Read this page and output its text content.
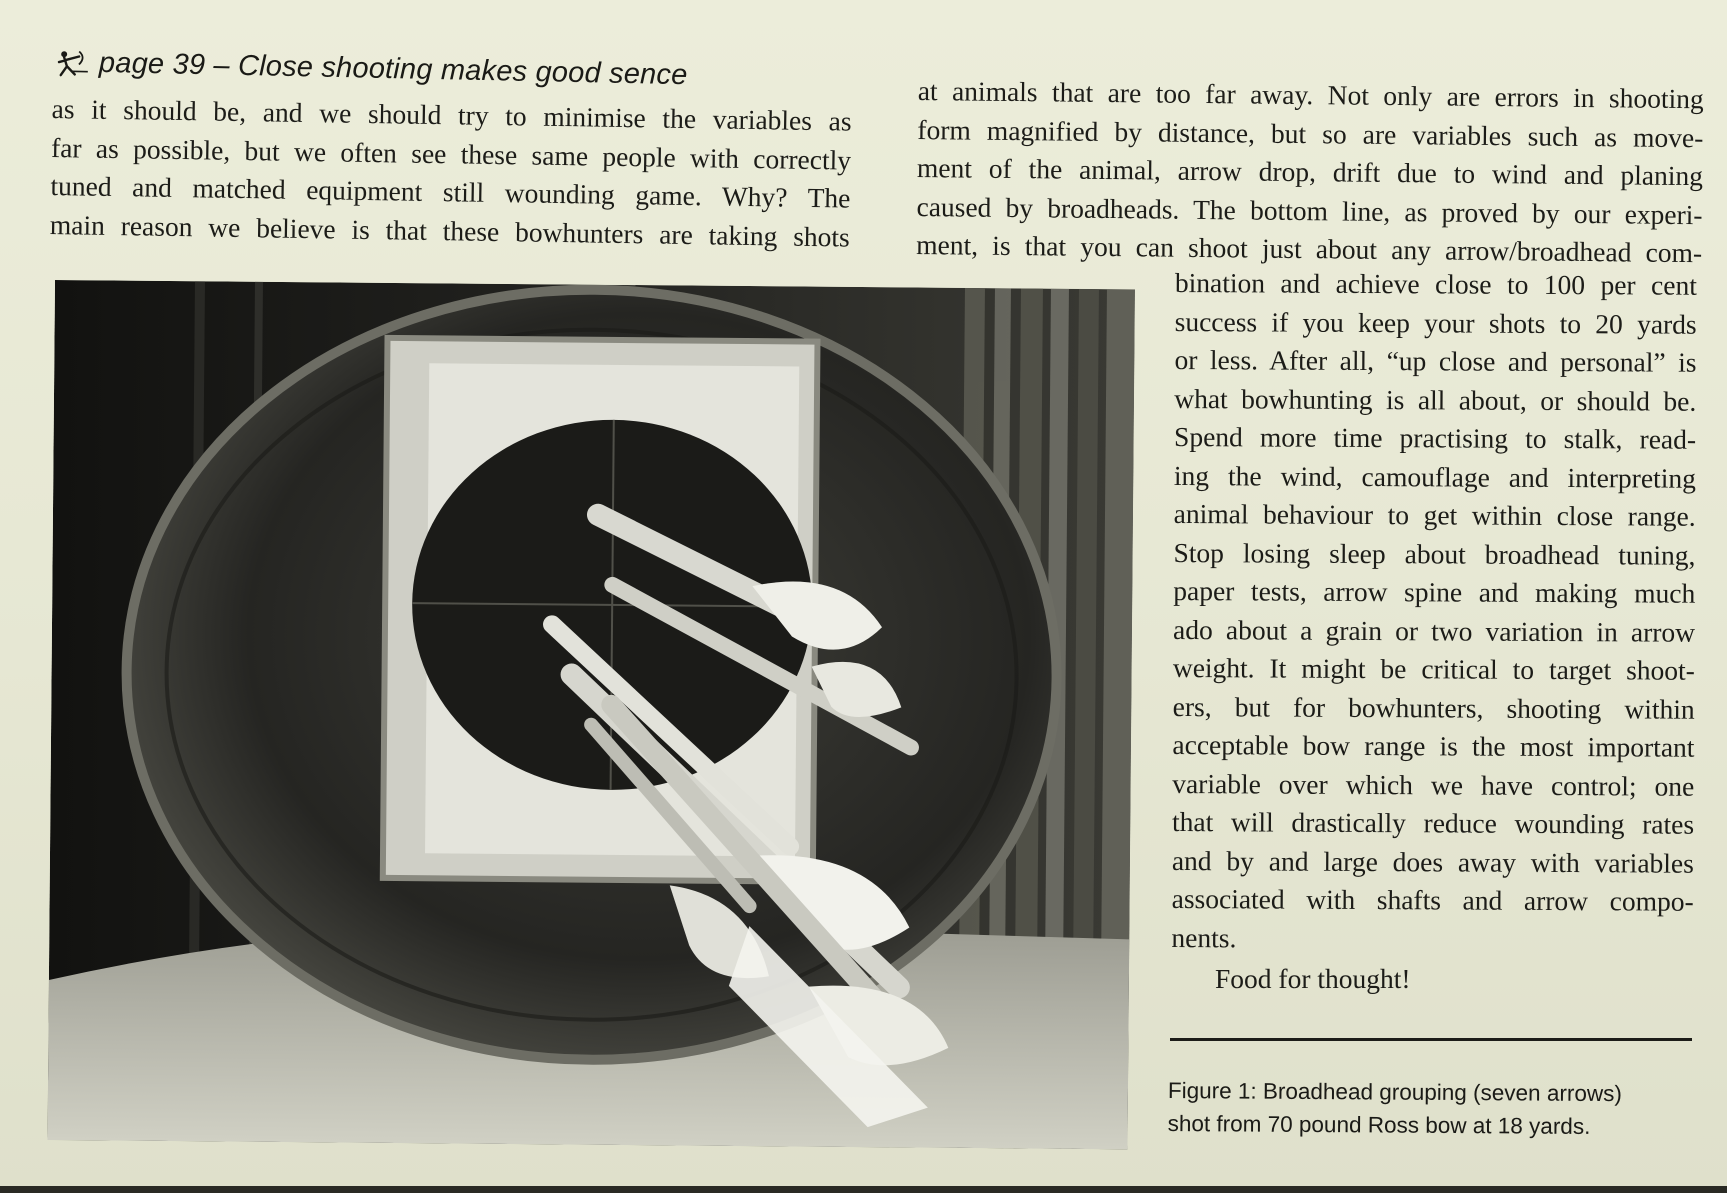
page 39 – Close shooting makes good sence
as it should be, and we should try to minimise the variables as
far as possible, but we often see these same people with correctly
tuned and matched equipment still wounding game. Why? The
main reason we believe is that these bowhunters are taking shots
at animals that are too far away. Not only are errors in shooting
form magnified by distance, but so are variables such as move-
ment of the animal, arrow drop, drift due to wind and planing
caused by broadheads. The bottom line, as proved by our experi-
ment, is that you can shoot just about any arrow/broadhead com-
bination and achieve close to 100 per cent
success if you keep your shots to 20 yards
or less. After all, “up close and personal” is
what bowhunting is all about, or should be.
Spend more time practising to stalk, read-
ing the wind, camouflage and interpreting
animal behaviour to get within close range.
Stop losing sleep about broadhead tuning,
paper tests, arrow spine and making much
ado about a grain or two variation in arrow
weight. It might be critical to target shoot-
ers, but for bowhunters, shooting within
acceptable bow range is the most important
variable over which we have control; one
that will drastically reduce wounding rates
and by and large does away with variables
associated with shafts and arrow compo-
nents.
Food for thought!
Figure 1: Broadhead grouping (seven arrows)
shot from 70 pound Ross bow at 18 yards.
